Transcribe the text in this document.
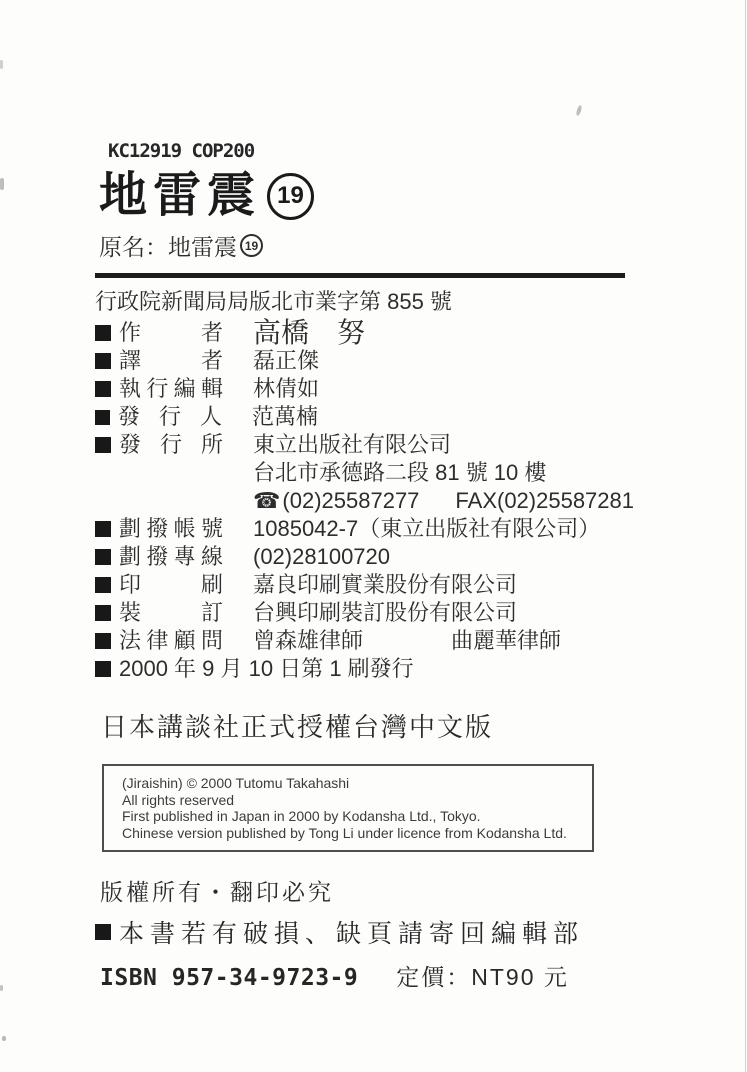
KC12919 COP200
地雷震 19
原名：地雷震 19
行政院新聞局局版北市業字第 855 號
作者 高橋　努
譯者 磊正傑
執行編輯 林倩如
發行人 范萬楠
發行所 東立出版社有限公司
台北市承德路二段 81 號 10 樓
☎ (02)25587277 FAX(02)25587281
劃撥帳號 1085042-7（東立出版社有限公司）
劃撥專線 (02)28100720
印刷 嘉良印刷實業股份有限公司
裝訂 台興印刷裝訂股份有限公司
法律顧問 曾森雄律師	曲麗華律師
2000 年 9 月 10 日第 1 刷發行
日本講談社正式授權台灣中文版
(Jiraishin) © 2000 Tutomu Takahashi
All rights reserved
First published in Japan in 2000 by Kodansha Ltd., Tokyo.
Chinese version published by Tong Li under licence from Kodansha Ltd.
版權所有・翻印必究
本書若有破損、缺頁請寄回編輯部
ISBN 957-34-9723-9 定價：NT90 元
